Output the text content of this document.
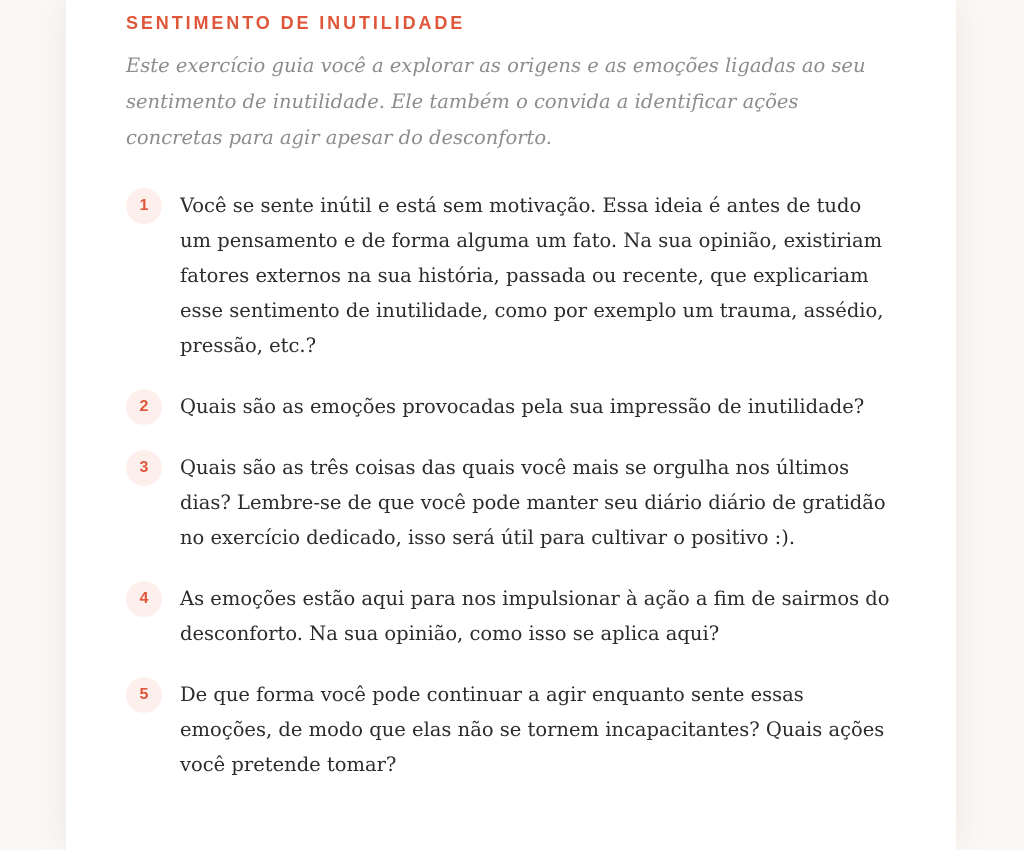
SENTIMENTO DE INUTILIDADE

Este exercício guia você a explorar as origens e as emoções ligadas ao seu sentimento de inutilidade. Ele também o convida a identificar ações concretas para agir apesar do desconforto.

1	Você se sente inútil e está sem motivação. Essa ideia é antes de tudo um pensamento e de forma alguma um fato. Na sua opinião, existiriam fatores externos na sua história, passada ou recente, que explicariam esse sentimento de inutilidade, como por exemplo um trauma, assédio, pressão, etc.?

2	Quais são as emoções provocadas pela sua impressão de inutilidade?

3	Quais são as três coisas das quais você mais se orgulha nos últimos dias? Lembre-se de que você pode manter seu diário diário de gratidão no exercício dedicado, isso será útil para cultivar o positivo :).

4	As emoções estão aqui para nos impulsionar à ação a fim de sairmos do desconforto. Na sua opinião, como isso se aplica aqui?

5	De que forma você pode continuar a agir enquanto sente essas emoções, de modo que elas não se tornem incapacitantes? Quais ações você pretende tomar?
